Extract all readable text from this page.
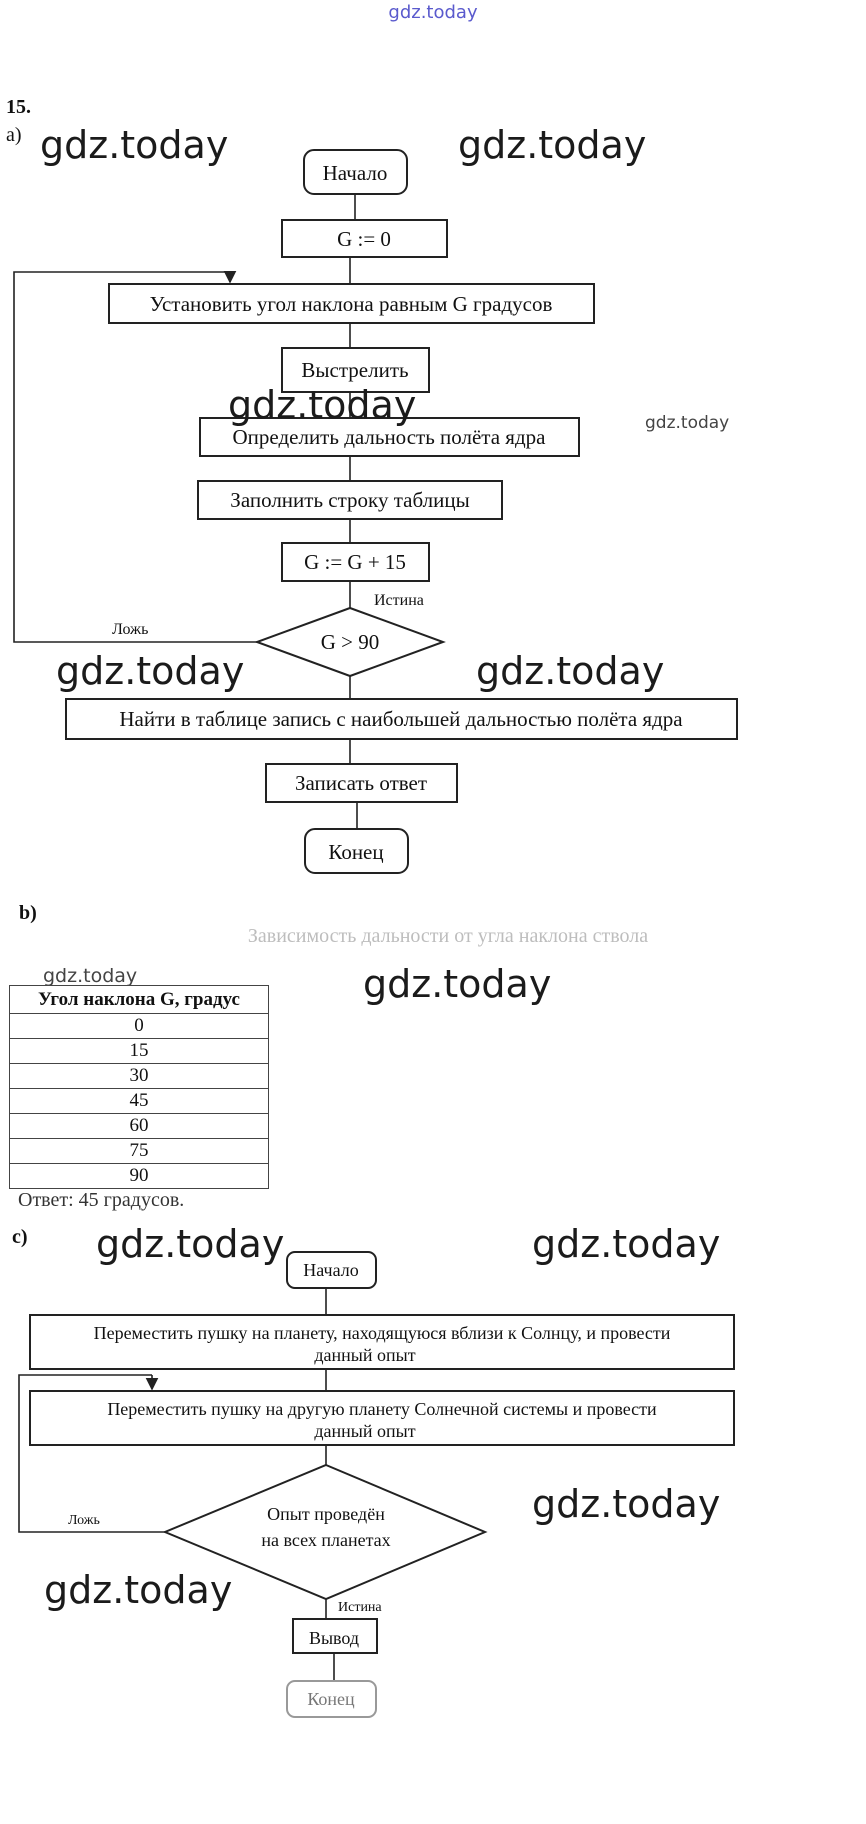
gdz.today
15.
a)
Начало
G := 0
Установить угол наклона равным G градусов
Выстрелить
Определить дальность полёта ядра
Заполнить строку таблицы
G := G + 15
G > 90
Истина
Ложь
Найти в таблице запись с наибольшей дальностью полёта ядра
Записать ответ
Конец
b)
Зависимость дальности от угла наклона ствола
Ответ: 45 градусов.
c)
Начало
Переместить пушку на планету, находящуюся вблизи к Солнцу, и провести
данный опыт
Переместить пушку на другую планету Солнечной системы и провести
данный опыт
Опыт проведён
на всех планетах
Истина
Ложь
Вывод
Конец
gdz.today	gdz.today
gdz.today	gdz.today
gdz.today	gdz.today
gdz.today	gdz.today
gdz.today	gdz.today
gdz.today
gdz.today
Угол наклона G, градус
0
15
30
45
60
75
90
